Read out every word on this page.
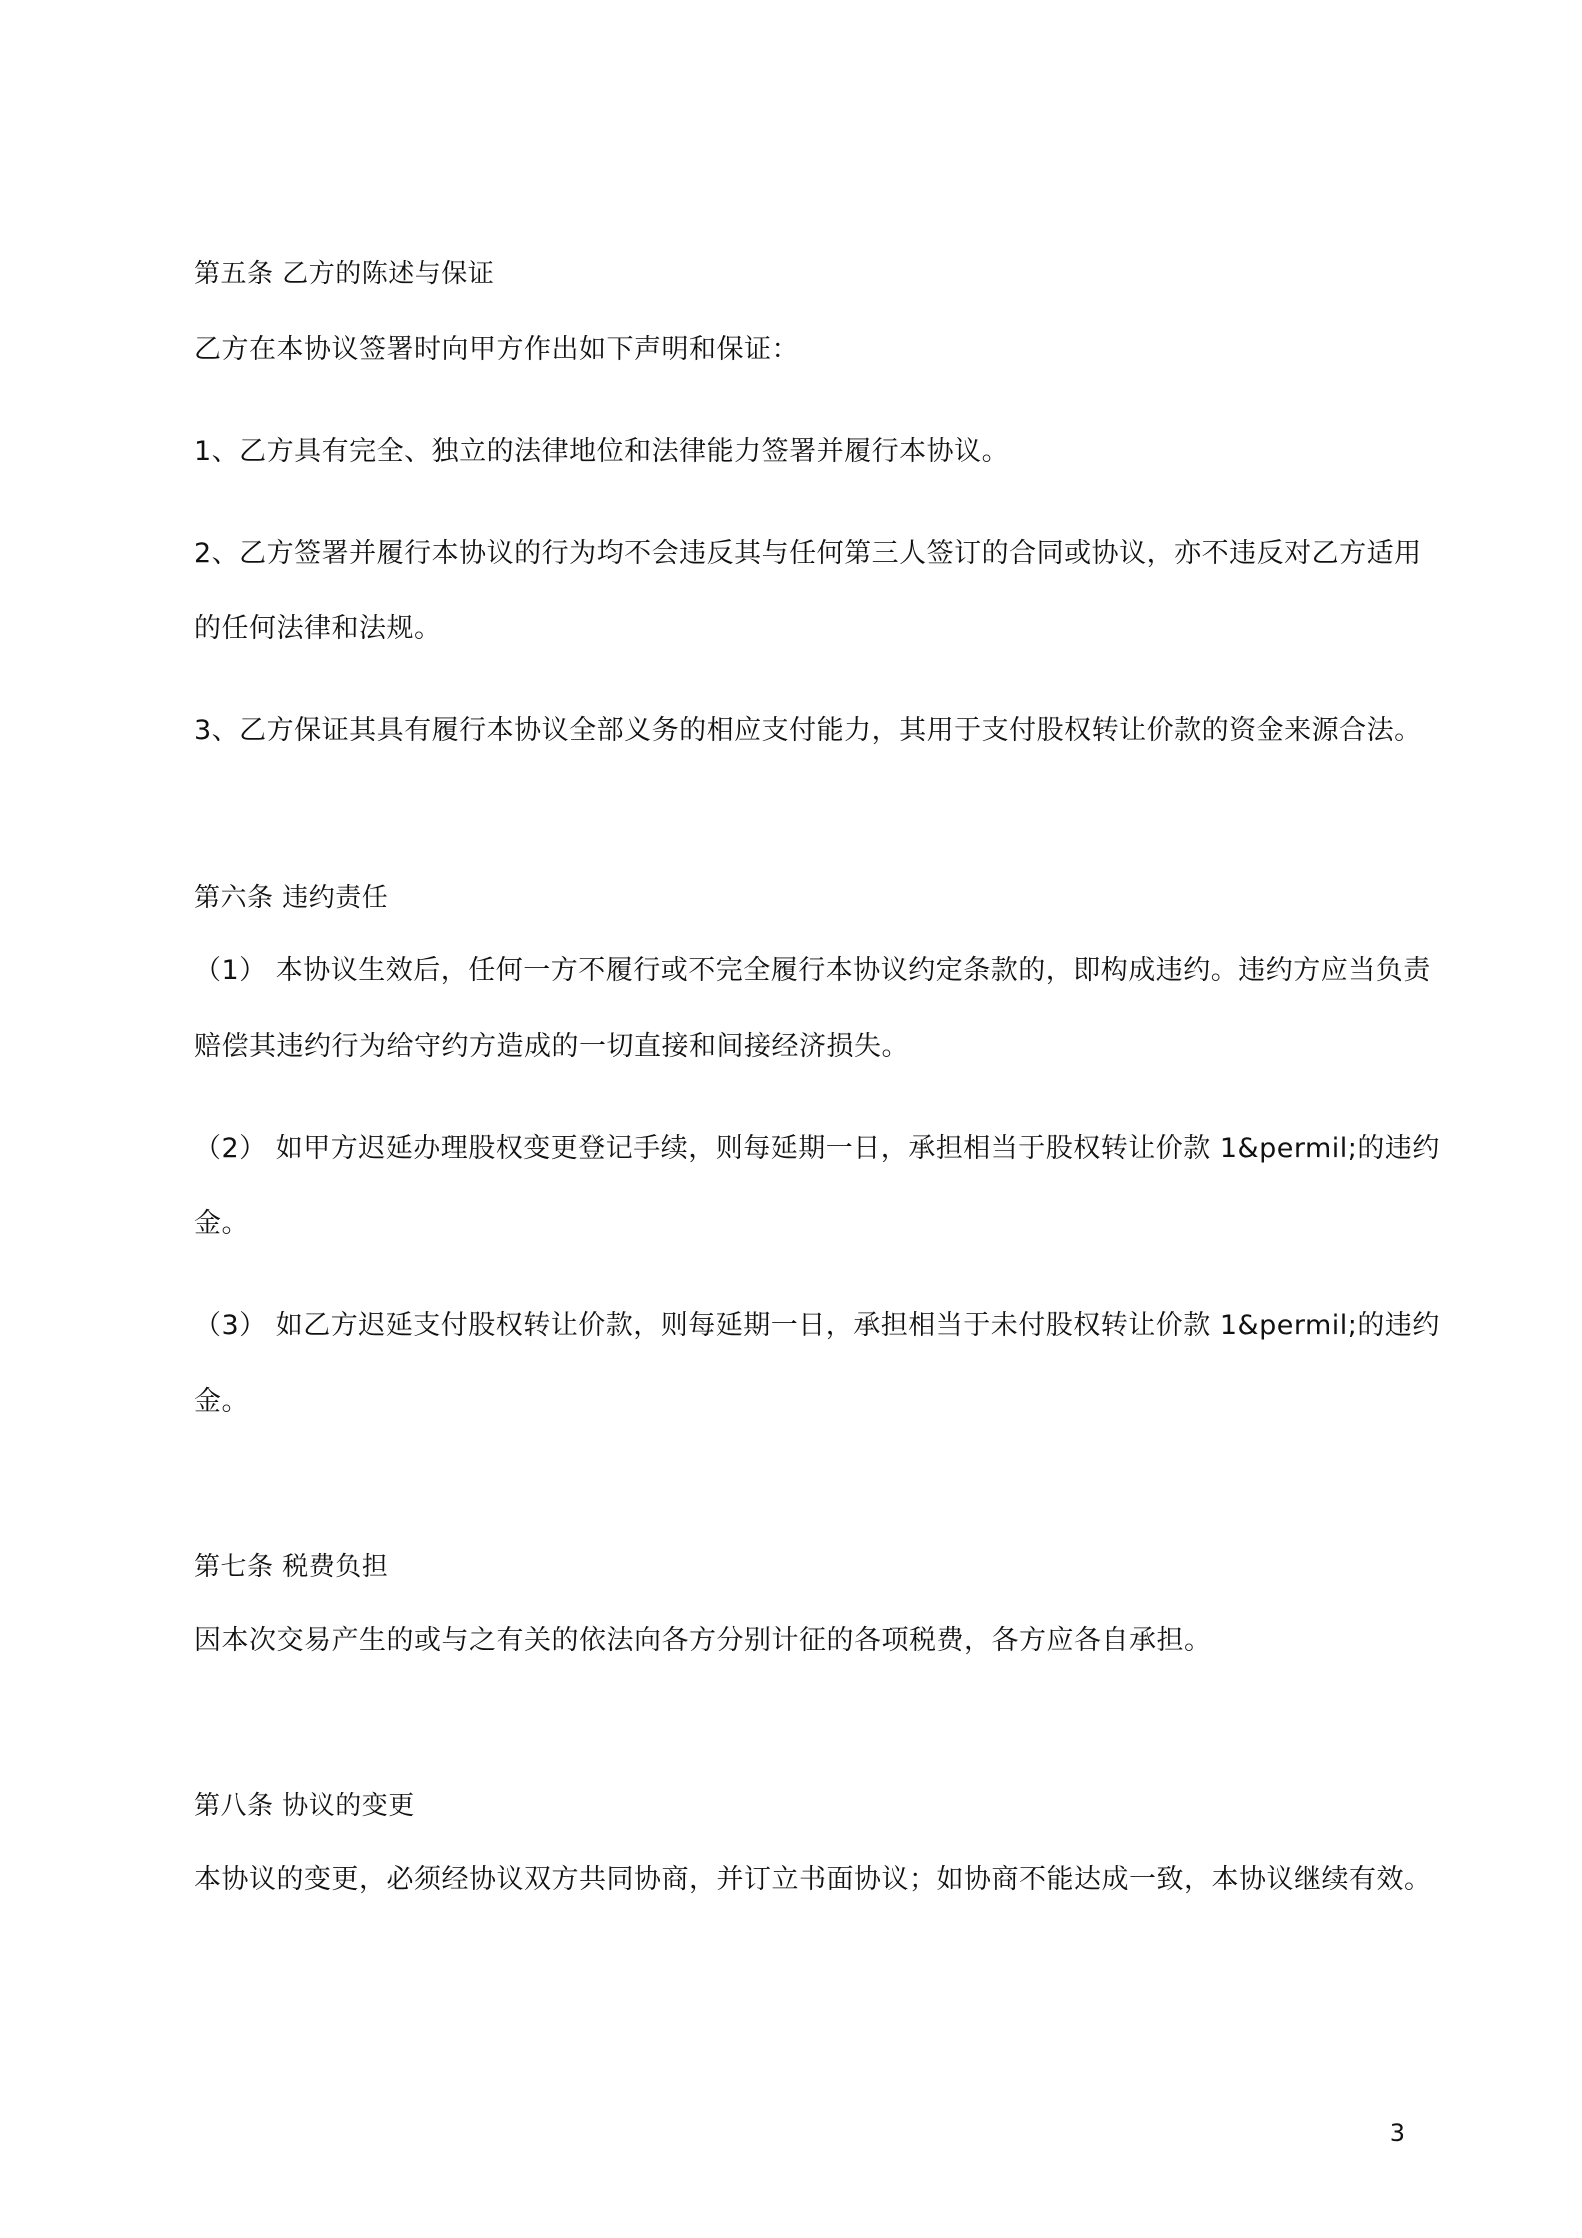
第五条 乙方的陈述与保证

乙方在本协议签署时向甲方作出如下声明和保证：

1、乙方具有完全、独立的法律地位和法律能力签署并履行本协议。

2、乙方签署并履行本协议的行为均不会违反其与任何第三人签订的合同或协议，亦不违反对乙方适用

的任何法律和法规。

3、乙方保证其具有履行本协议全部义务的相应支付能力，其用于支付股权转让价款的资金来源合法。

第六条 违约责任

（1） 本协议生效后，任何一方不履行或不完全履行本协议约定条款的，即构成违约。违约方应当负责

赔偿其违约行为给守约方造成的一切直接和间接经济损失。

（2） 如甲方迟延办理股权变更登记手续，则每延期一日，承担相当于股权转让价款 1&permil;的违约

金。

（3） 如乙方迟延支付股权转让价款，则每延期一日，承担相当于未付股权转让价款 1&permil;的违约

金。

第七条 税费负担

因本次交易产生的或与之有关的依法向各方分别计征的各项税费，各方应各自承担。

第八条 协议的变更

本协议的变更，必须经协议双方共同协商，并订立书面协议；如协商不能达成一致，本协议继续有效。

3
